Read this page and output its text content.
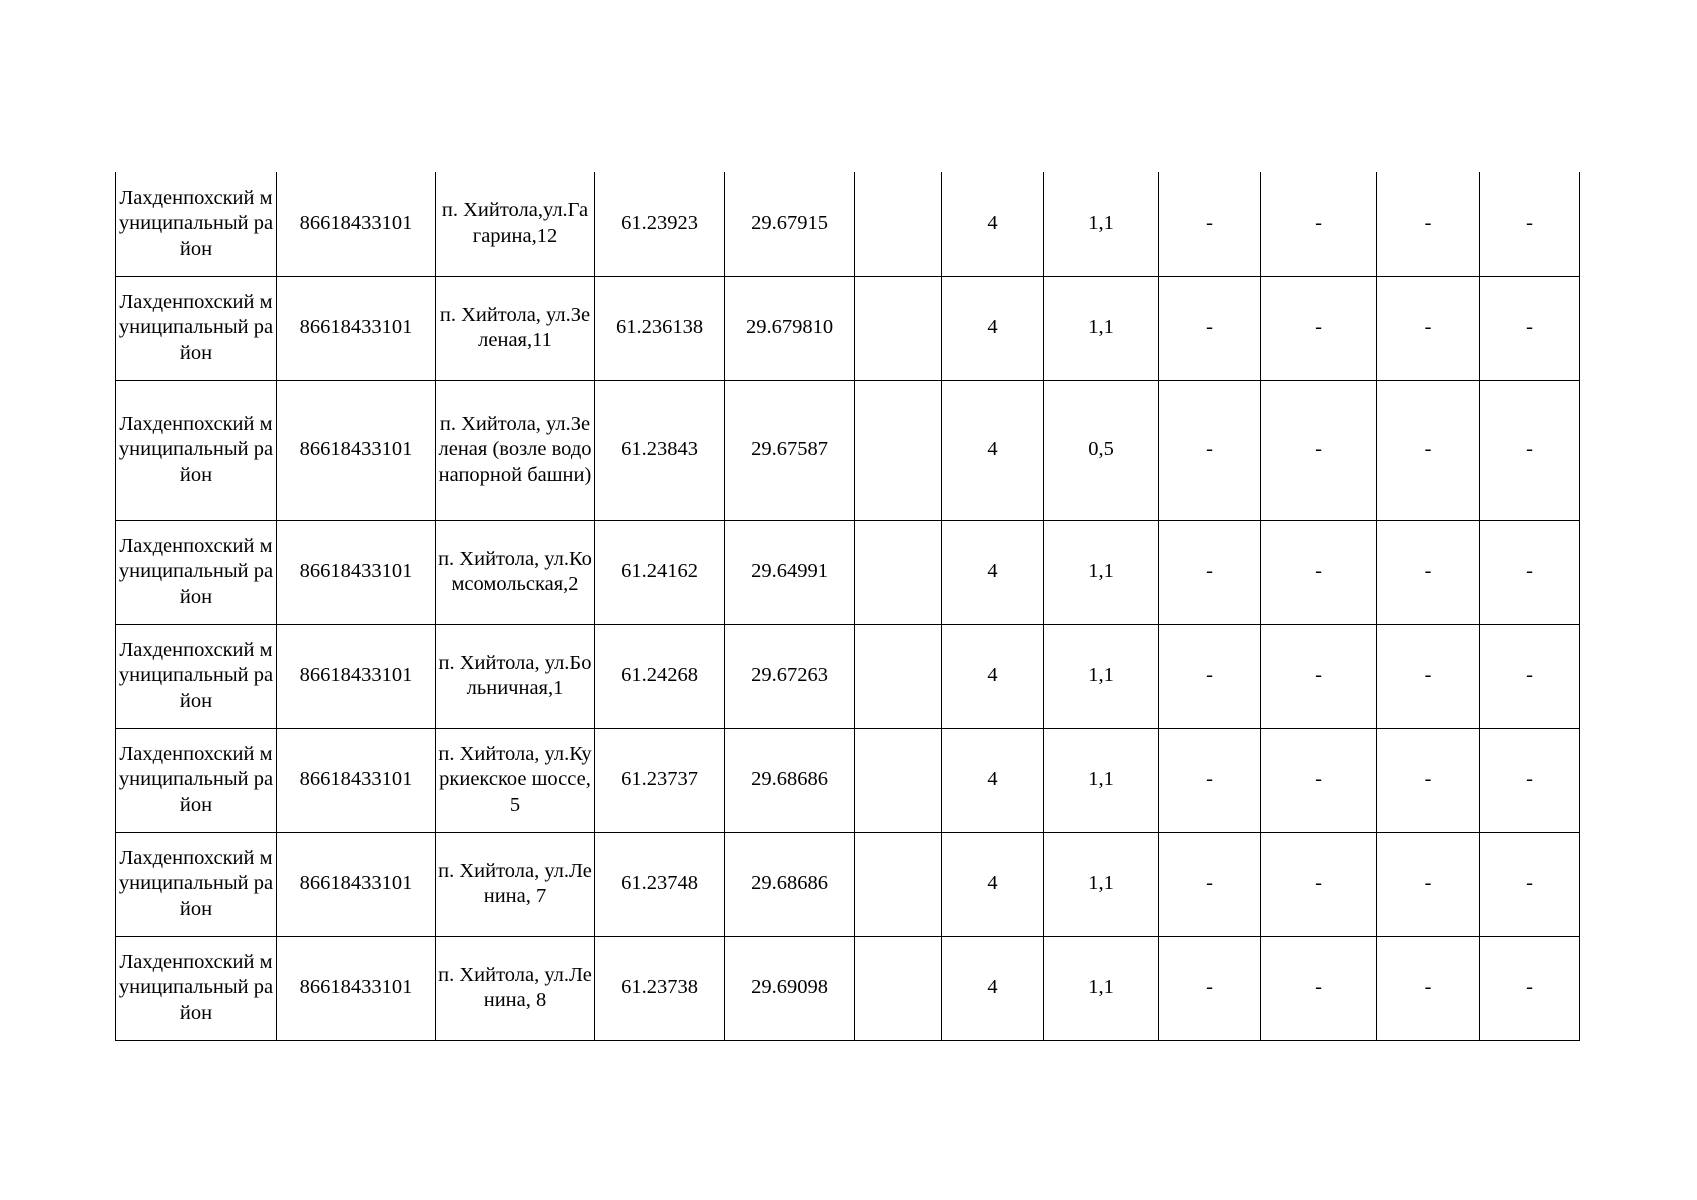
Лахденпохский муниципальный район	86618433101	п. Хийтола,ул.Гагарина,12	61.23923	29.67915		4	1,1	-	-	-	-
Лахденпохский муниципальный район	86618433101	п. Хийтола, ул.Зеленая,11	61.236138	29.679810		4	1,1	-	-	-	-
Лахденпохский муниципальный район	86618433101	п. Хийтола, ул.Зеленая (возле водонапорной башни)	61.23843	29.67587		4	0,5	-	-	-	-
Лахденпохский муниципальный район	86618433101	п. Хийтола, ул.Комсомольская,2	61.24162	29.64991		4	1,1	-	-	-	-
Лахденпохский муниципальный район	86618433101	п. Хийтола, ул.Больничная,1	61.24268	29.67263		4	1,1	-	-	-	-
Лахденпохский муниципальный район	86618433101	п. Хийтола, ул.Куркиекское шоссе,5	61.23737	29.68686		4	1,1	-	-	-	-
Лахденпохский муниципальный район	86618433101	п. Хийтола, ул.Ленина, 7	61.23748	29.68686		4	1,1	-	-	-	-
Лахденпохский муниципальный район	86618433101	п. Хийтола, ул.Ленина, 8	61.23738	29.69098		4	1,1	-	-	-	-
